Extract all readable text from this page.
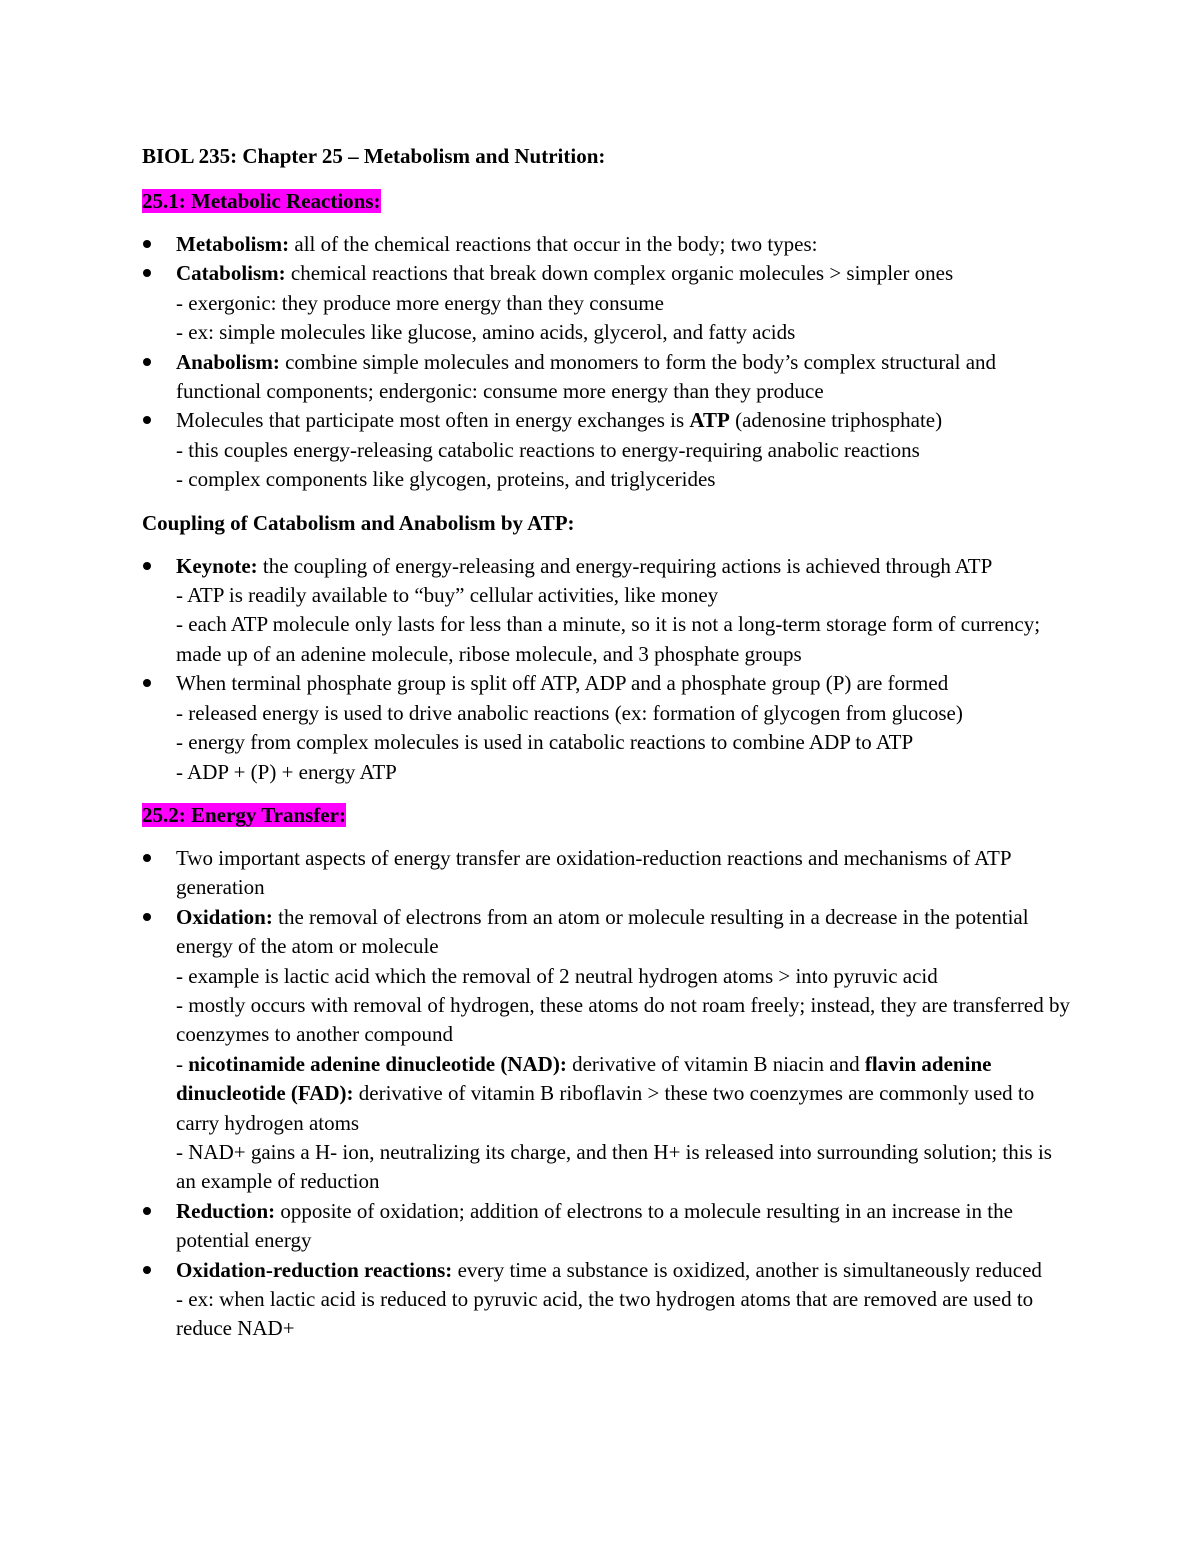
BIOL 235: Chapter 25 – Metabolism and Nutrition:
25.1: Metabolic Reactions:
Metabolism: all of the chemical reactions that occur in the body; two types:
Catabolism: chemical reactions that break down complex organic molecules > simpler ones
- exergonic: they produce more energy than they consume
- ex: simple molecules like glucose, amino acids, glycerol, and fatty acids
Anabolism: combine simple molecules and monomers to form the body’s complex structural and functional components; endergonic: consume more energy than they produce
Molecules that participate most often in energy exchanges is ATP (adenosine triphosphate)
- this couples energy-releasing catabolic reactions to energy-requiring anabolic reactions
- complex components like glycogen, proteins, and triglycerides
Coupling of Catabolism and Anabolism by ATP:
Keynote: the coupling of energy-releasing and energy-requiring actions is achieved through ATP
- ATP is readily available to “buy” cellular activities, like money
- each ATP molecule only lasts for less than a minute, so it is not a long-term storage form of currency; made up of an adenine molecule, ribose molecule, and 3 phosphate groups
When terminal phosphate group is split off ATP, ADP and a phosphate group (P) are formed
- released energy is used to drive anabolic reactions (ex: formation of glycogen from glucose)
- energy from complex molecules is used in catabolic reactions to combine ADP to ATP
- ADP + (P) + energy ATP
25.2: Energy Transfer:
Two important aspects of energy transfer are oxidation-reduction reactions and mechanisms of ATP generation
Oxidation: the removal of electrons from an atom or molecule resulting in a decrease in the potential energy of the atom or molecule
- example is lactic acid which the removal of 2 neutral hydrogen atoms > into pyruvic acid
- mostly occurs with removal of hydrogen, these atoms do not roam freely; instead, they are transferred by coenzymes to another compound
- nicotinamide adenine dinucleotide (NAD): derivative of vitamin B niacin and flavin adenine dinucleotide (FAD): derivative of vitamin B riboflavin > these two coenzymes are commonly used to carry hydrogen atoms
- NAD+ gains a H- ion, neutralizing its charge, and then H+ is released into surrounding solution; this is an example of reduction
Reduction: opposite of oxidation; addition of electrons to a molecule resulting in an increase in the potential energy
Oxidation-reduction reactions: every time a substance is oxidized, another is simultaneously reduced
- ex: when lactic acid is reduced to pyruvic acid, the two hydrogen atoms that are removed are used to reduce NAD+
